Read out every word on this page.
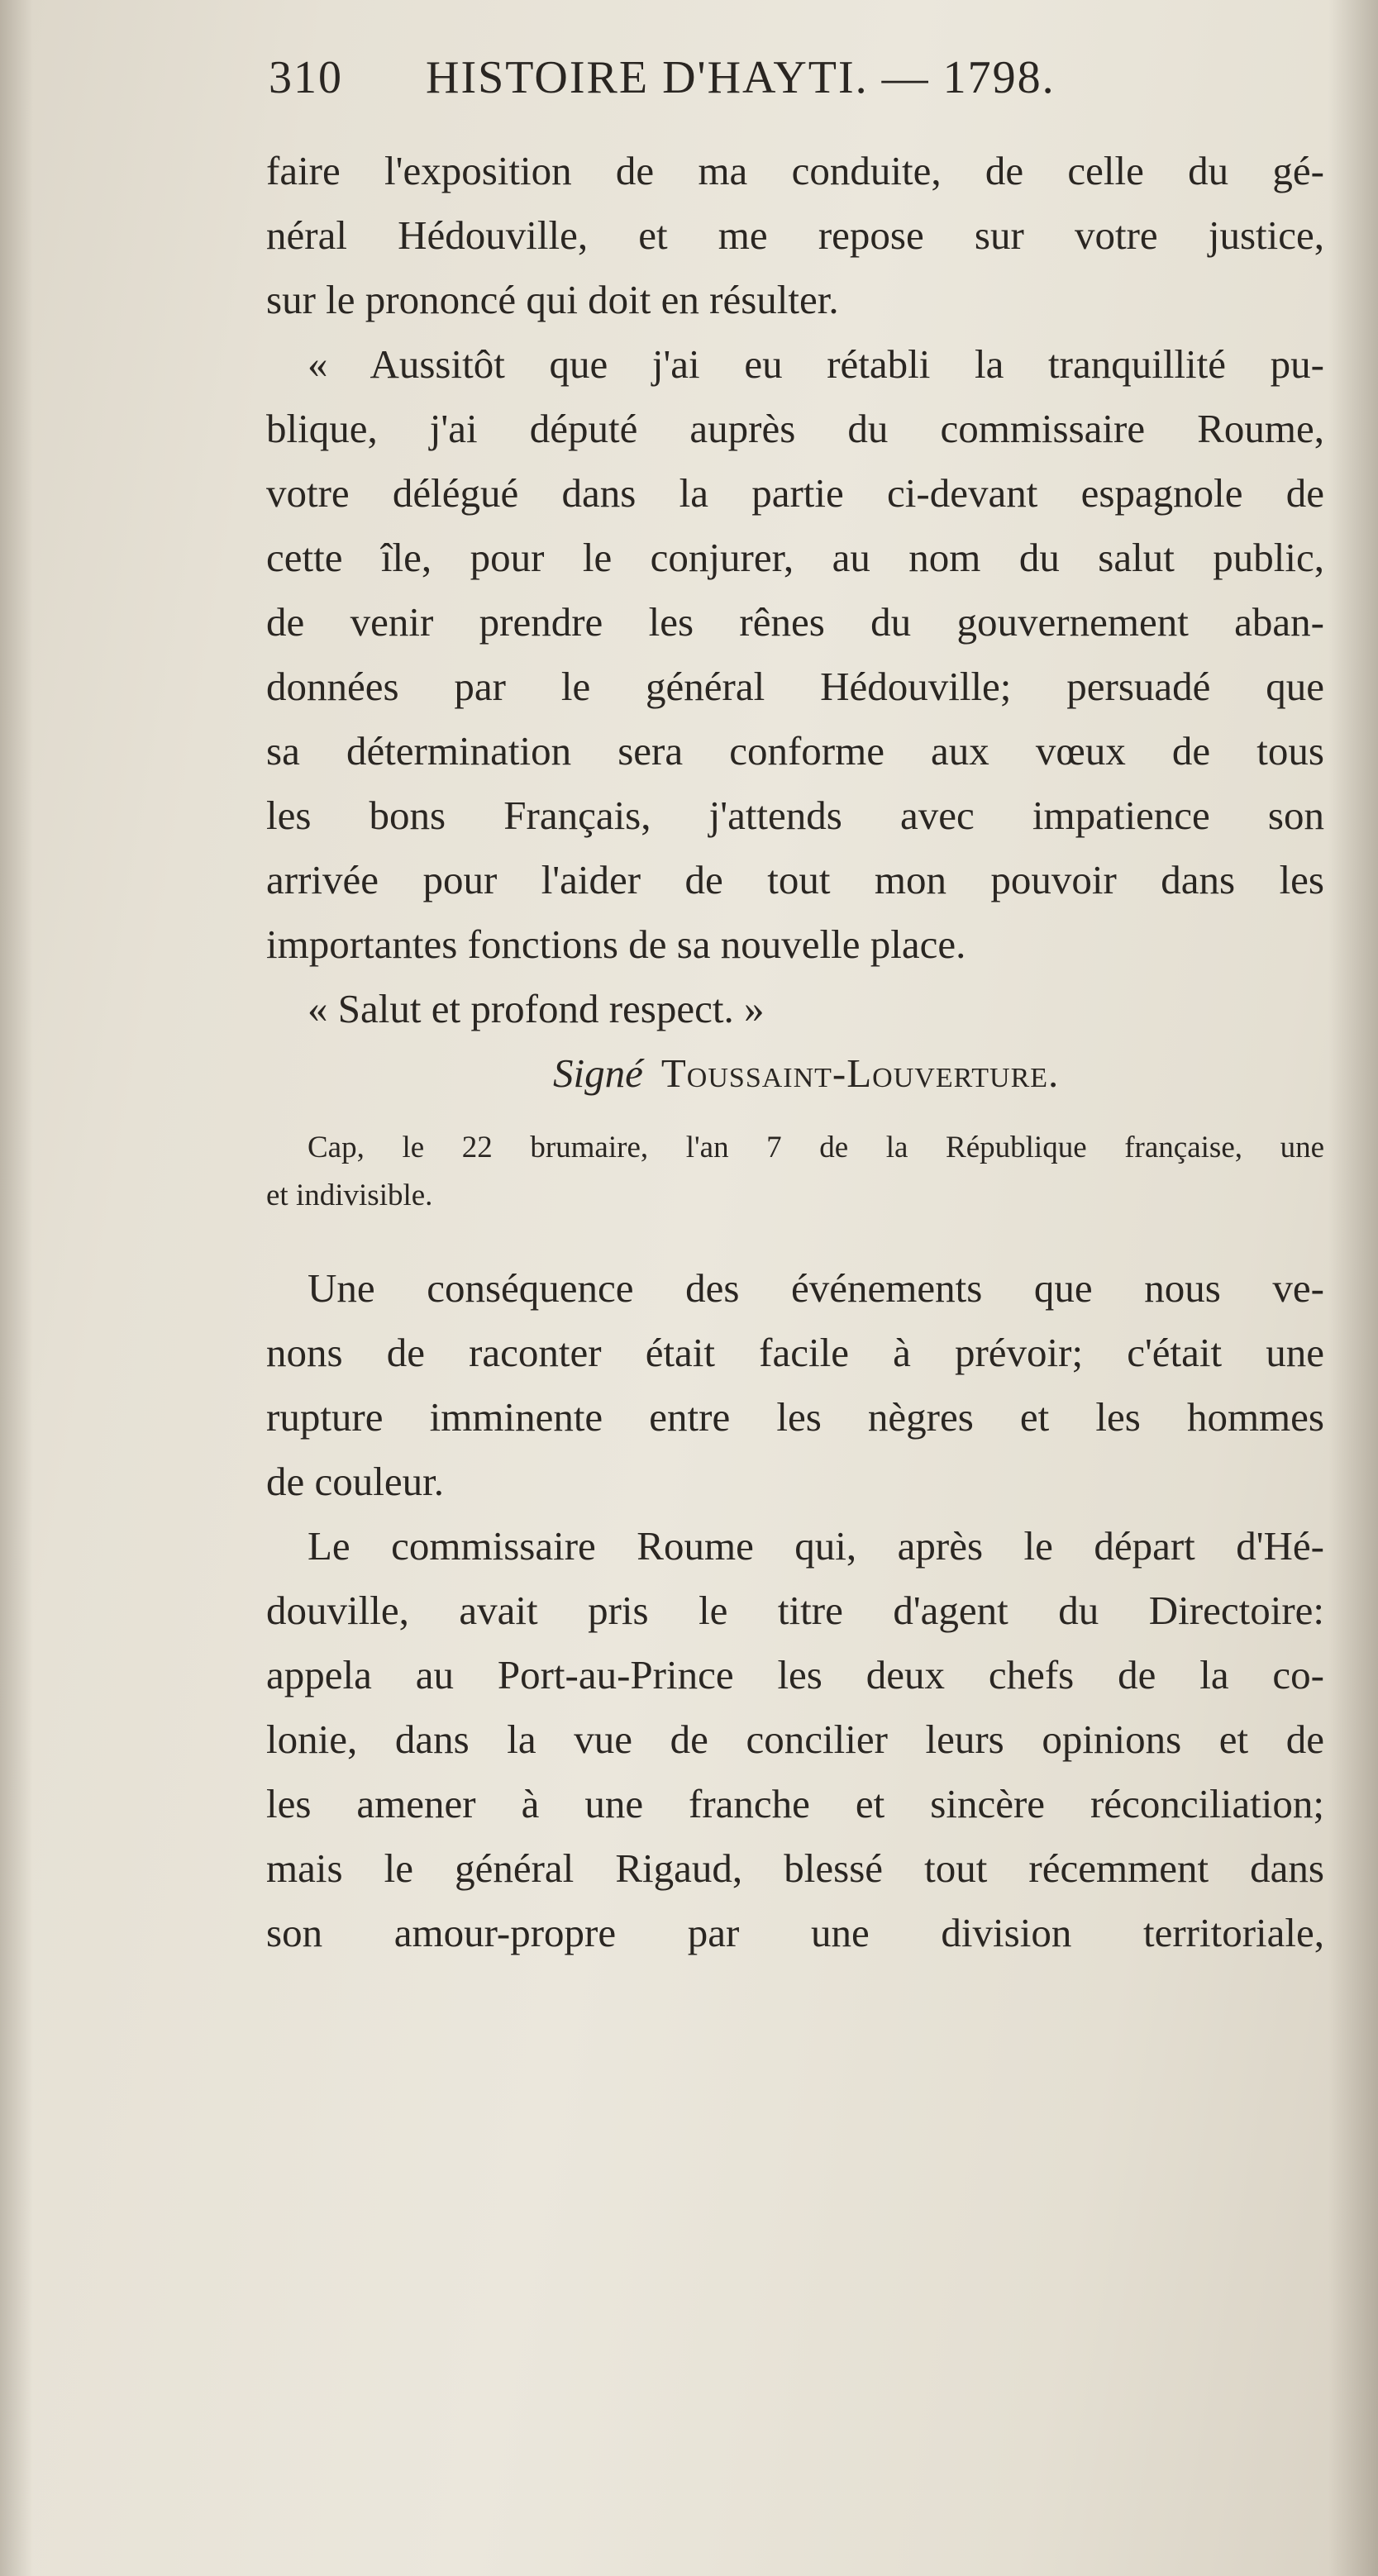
310 HISTOIRE D'HAYTI. — 1798.
faire l'exposition de ma conduite, de celle du gé-
néral Hédouville, et me repose sur votre justice,
sur le prononcé qui doit en résulter.
« Aussitôt que j'ai eu rétabli la tranquillité pu-
blique, j'ai député auprès du commissaire Roume,
votre délégué dans la partie ci-devant espagnole de
cette île, pour le conjurer, au nom du salut public,
de venir prendre les rênes du gouvernement aban-
données par le général Hédouville; persuadé que
sa détermination sera conforme aux vœux de tous
les bons Français, j'attends avec impatience son
arrivée pour l'aider de tout mon pouvoir dans les
importantes fonctions de sa nouvelle place.
« Salut et profond respect. »
Signé Toussaint-Louverture.
Cap, le 22 brumaire, l'an 7 de la République française, une
et indivisible.
Une conséquence des événements que nous ve-
nons de raconter était facile à prévoir; c'était une
rupture imminente entre les nègres et les hommes
de couleur.
Le commissaire Roume qui, après le départ d'Hé-
douville, avait pris le titre d'agent du Directoire:
appela au Port-au-Prince les deux chefs de la co-
lonie, dans la vue de concilier leurs opinions et de
les amener à une franche et sincère réconciliation;
mais le général Rigaud, blessé tout récemment dans
son amour-propre par une division territoriale,
